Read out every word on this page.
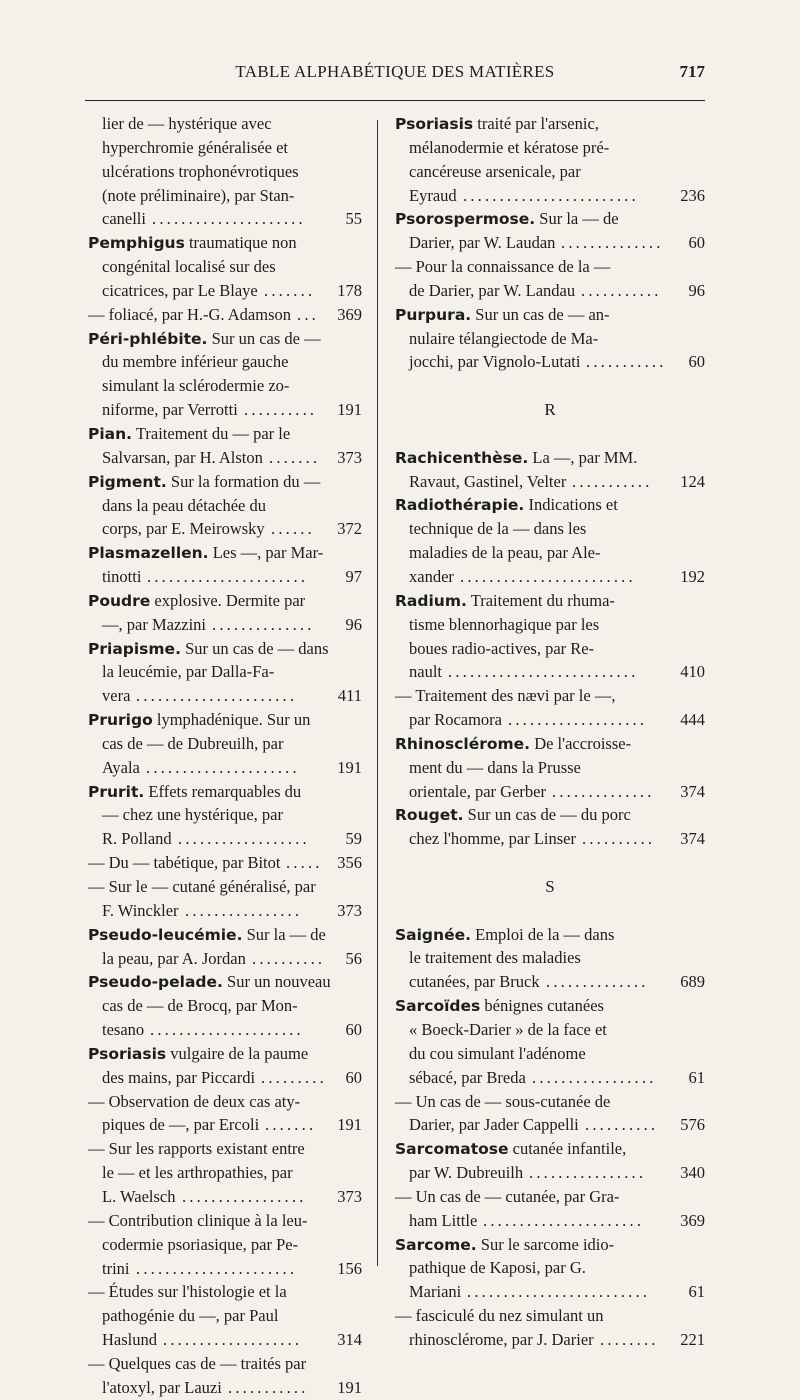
TABLE ALPHABÉTIQUE DES MATIÈRES	717
lier de — hystérique avec
hyperchromie généralisée et
ulcérations trophonévrotiques
(note préliminaire), par Stan-
canelli ..................... 55
Pemphigus traumatique non
congénital localisé sur des
cicatrices, par Le Blaye ....... 178
— foliacé, par H.-G. Adamson ... 369
Péri-phlébite. Sur un cas de —
du membre inférieur gauche
simulant la sclérodermie zo-
niforme, par Verrotti .......... 191
Pian. Traitement du — par le
Salvarsan, par H. Alston ....... 373
Pigment. Sur la formation du —
dans la peau détachée du
corps, par E. Meirowsky ...... 372
Plasmazellen. Les —, par Mar-
tinotti ...................... 97
Poudre explosive. Dermite par
—, par Mazzini .............. 96
Priapisme. Sur un cas de — dans
la leucémie, par Dalla-Fa-
vera ...................... 411
Prurigo lymphadénique. Sur un
cas de — de Dubreuilh, par
Ayala ..................... 191
Prurit. Effets remarquables du
— chez une hystérique, par
R. Polland .................. 59
— Du — tabétique, par Bitot ..... 356
— Sur le — cutané généralisé, par
F. Winckler ................ 373
Pseudo-leucémie. Sur la — de
la peau, par A. Jordan .......... 56
Pseudo-pelade. Sur un nouveau
cas de — de Brocq, par Mon-
tesano .....................	60
Psoriasis vulgaire de la paume
des mains, par Piccardi ......... 60
— Observation de deux cas aty-
piques de —, par Ercoli ....... 191
— Sur les rapports existant entre
le — et les arthropathies, par
L. Waelsch ................. 373
— Contribution clinique à la leu-
codermie psoriasique, par Pe-
trini ...................... 156
— Études sur l'histologie et la
pathogénie du —, par Paul
Haslund ................... 314
— Quelques cas de — traités par
l'atoxyl, par Lauzi ........... 191
Psoriasis traité par l'arsenic,
mélanodermie et kératose pré-
cancéreuse arsenicale, par
Eyraud ........................	236
Psorospermose. Sur la — de
Darier, par W. Laudan .............. 60
— Pour la connaissance de la —
de Darier, par W. Landau ........... 96
Purpura. Sur un cas de — an-
nulaire télangiectode de Ma-
jocchi, par Vignolo-Lutati ........... 60
R
Rachicenthèse. La —, par MM.
Ravaut, Gastinel, Velter ........... 124
Radiothérapie. Indications et
technique de la — dans les
maladies de la peau, par Ale-
xander ........................	192
Radium. Traitement du rhuma-
tisme blennorhagique par les
boues radio-actives, par Re-
nault ..........................	410
— Traitement des nævi par le —,
par Rocamora ................... 444
Rhinosclérome. De l'accroisse-
ment du — dans la Prusse
orientale, par Gerber .............. 374
Rouget. Sur un cas de — du porc
chez l'homme, par Linser .......... 374
S
Saignée. Emploi de la — dans
le traitement des maladies
cutanées, par Bruck .............. 689
Sarcoïdes bénignes cutanées
« Boeck-Darier » de la face et
du cou simulant l'adénome
sébacé, par Breda ................. 61
— Un cas de — sous-cutanée de
Darier, par Jader Cappelli .......... 576
Sarcomatose cutanée infantile,
par W. Dubreuilh ................ 340
— Un cas de — cutanée, par Gra-
ham Little ...................... 369
Sarcome. Sur le sarcome idio-
pathique de Kaposi, par G.
Mariani ......................... 61
— fasciculé du nez simulant un
rhinosclérome, par J. Darier ........ 221
